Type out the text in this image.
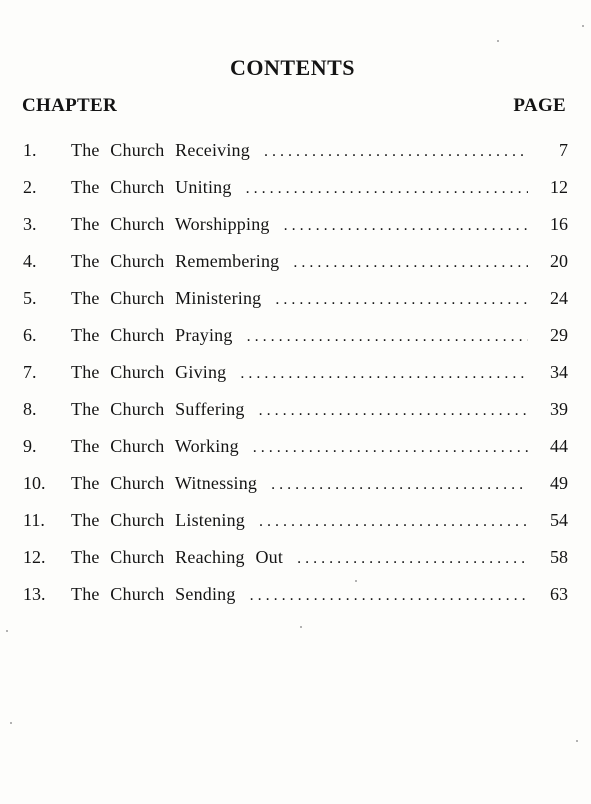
CONTENTS
CHAPTER	PAGE
1.	The Church Receiving . . .	7
2.	The Church Uniting . . .	12
3.	The Church Worshipping . . .	16
4.	The Church Remembering . . .	20
5.	The Church Ministering . . .	24
6.	The Church Praying . . .	29
7.	The Church Giving . . .	34
8.	The Church Suffering . . .	39
9.	The Church Working . . .	44
10.	The Church Witnessing . . .	49
11.	The Church Listening . . .	54
12.	The Church Reaching Out . . .	58
13.	The Church Sending . . .	63
